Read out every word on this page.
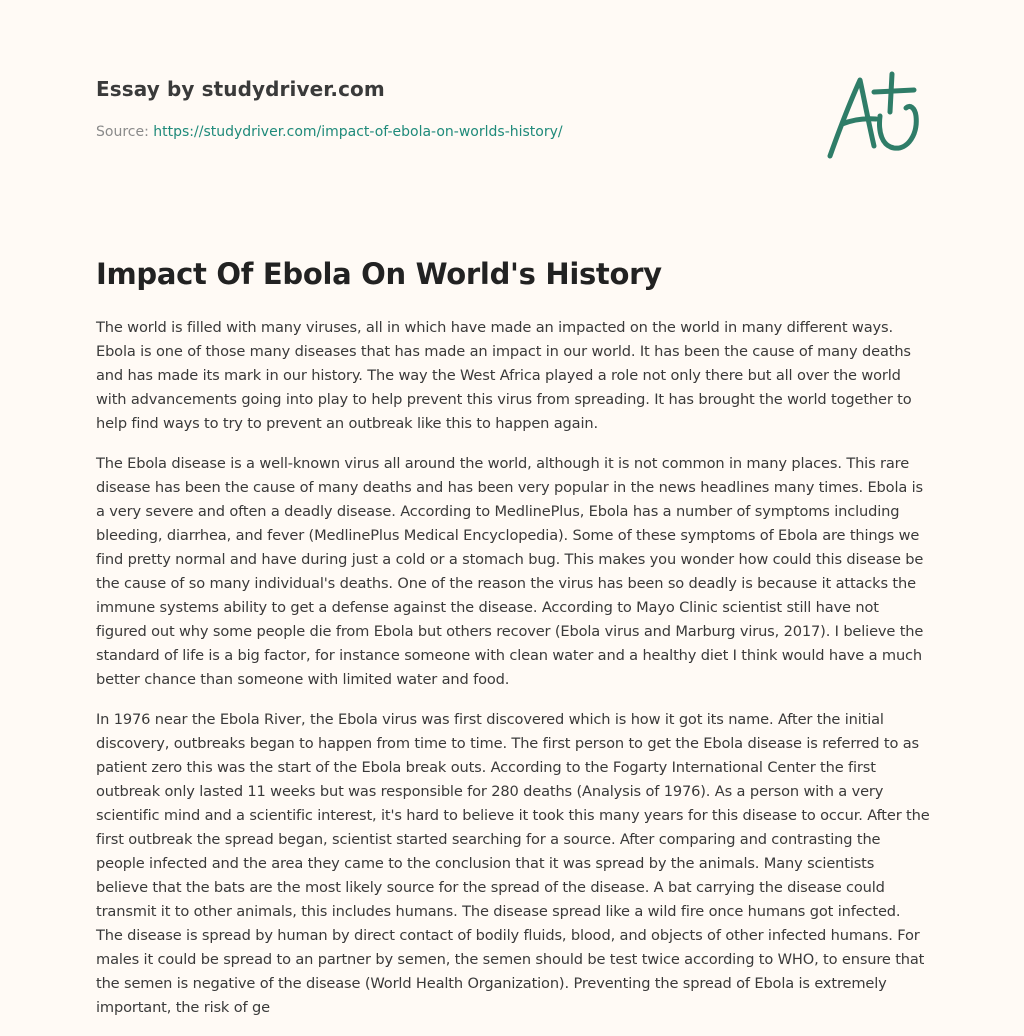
Essay by studydriver.com
Source: https://studydriver.com/impact-of-ebola-on-worlds-history/
Impact Of Ebola On World's History

The world is filled with many viruses, all in which have made an impacted on the world in many different ways. Ebola is one of those many diseases that has made an impact in our world. It has been the cause of many deaths and has made its mark in our history. The way the West Africa played a role not only there but all over the world with advancements going into play to help prevent this virus from spreading. It has brought the world together to help find ways to try to prevent an outbreak like this to happen again.

The Ebola disease is a well-known virus all around the world, although it is not common in many places. This rare disease has been the cause of many deaths and has been very popular in the news headlines many times. Ebola is a very severe and often a deadly disease. According to MedlinePlus, Ebola has a number of symptoms including bleeding, diarrhea, and fever (MedlinePlus Medical Encyclopedia). Some of these symptoms of Ebola are things we find pretty normal and have during just a cold or a stomach bug. This makes you wonder how could this disease be the cause of so many individual's deaths. One of the reason the virus has been so deadly is because it attacks the immune systems ability to get a defense against the disease. According to Mayo Clinic scientist still have not figured out why some people die from Ebola but others recover (Ebola virus and Marburg virus, 2017). I believe the standard of life is a big factor, for instance someone with clean water and a healthy diet I think would have a much better chance than someone with limited water and food.

In 1976 near the Ebola River, the Ebola virus was first discovered which is how it got its name. After the initial discovery, outbreaks began to happen from time to time. The first person to get the Ebola disease is referred to as patient zero this was the start of the Ebola break outs. According to the Fogarty International Center the first outbreak only lasted 11 weeks but was responsible for 280 deaths (Analysis of 1976). As a person with a very scientific mind and a scientific interest, it's hard to believe it took this many years for this disease to occur. After the first outbreak the spread began, scientist started searching for a source. After comparing and contrasting the people infected and the area they came to the conclusion that it was spread by the animals. Many scientists believe that the bats are the most likely source for the spread of the disease. A bat carrying the disease could transmit it to other animals, this includes humans. The disease spread like a wild fire once humans got infected. The disease is spread by human by direct contact of bodily fluids, blood, and objects of other infected humans. For males it could be spread to an partner by semen, the semen should be test twice according to WHO, to ensure that the semen is negative of the disease (World Health Organization). Preventing the spread of Ebola is extremely important, the risk of ge
